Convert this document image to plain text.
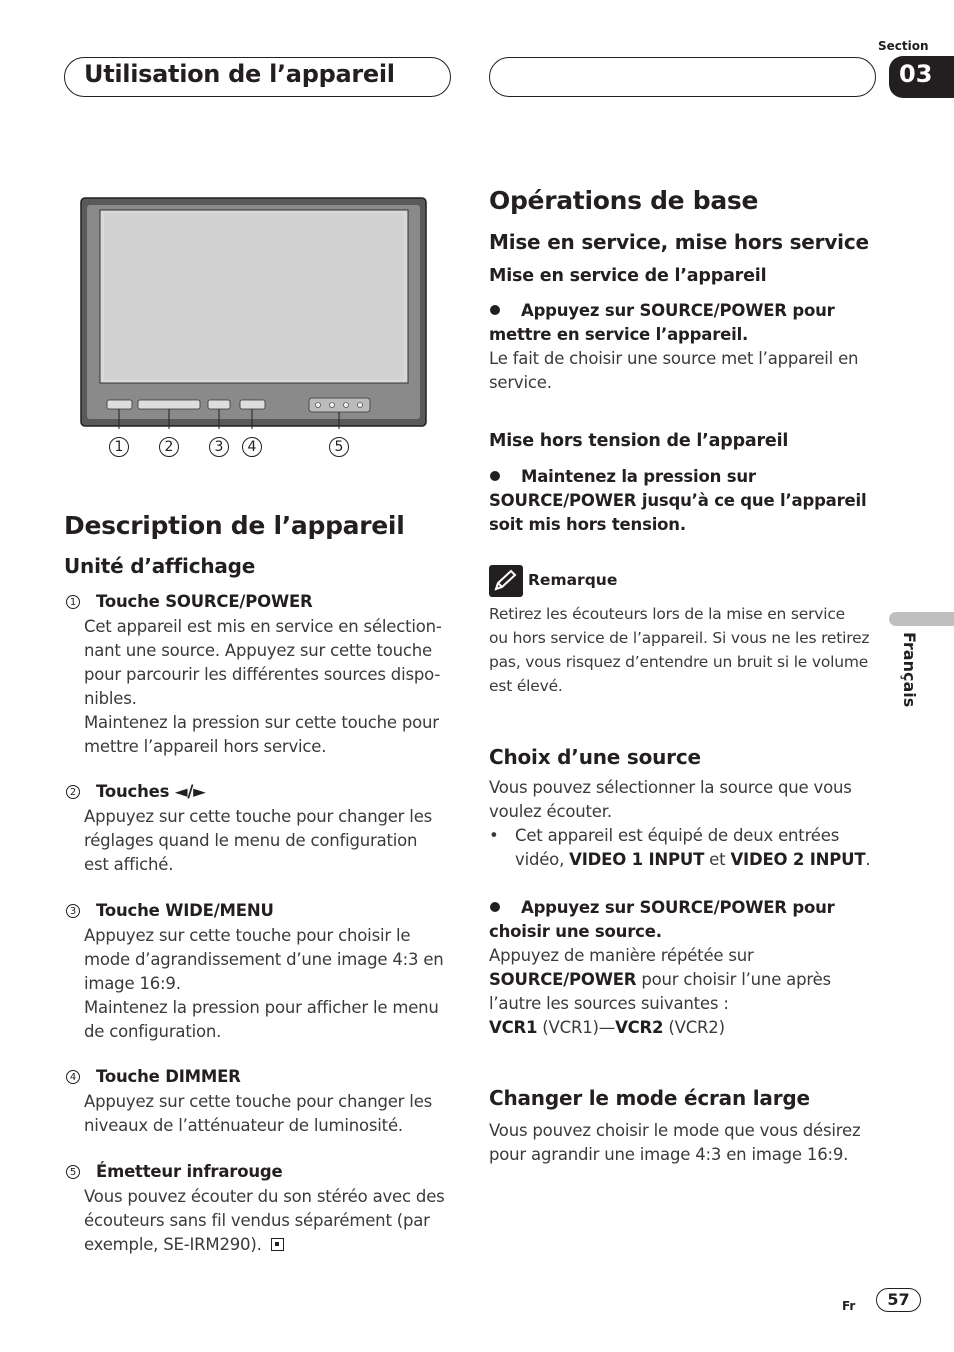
Utilisation de l’appareil
Section
03
1	2	3	4	5
Description de l’appareil
Unité d’affichage
1 Touche SOURCE/POWER
Cet appareil est mis en service en sélection-
nant une source. Appuyez sur cette touche
pour parcourir les différentes sources dispo-
nibles.
Maintenez la pression sur cette touche pour
mettre l’appareil hors service.
2 Touches ◄/►
Appuyez sur cette touche pour changer les
réglages quand le menu de configuration
est affiché.
3 Touche WIDE/MENU
Appuyez sur cette touche pour choisir le
mode d’agrandissement d’une image 4:3 en
image 16:9.
Maintenez la pression pour afficher le menu
de configuration.
4 Touche DIMMER
Appuyez sur cette touche pour changer les
niveaux de l’atténuateur de luminosité.
5 Émetteur infrarouge
Vous pouvez écouter du son stéréo avec des
écouteurs sans fil vendus séparément (par
exemple, SE-IRM290).
Opérations de base
Mise en service, mise hors service
Mise en service de l’appareil
Appuyez sur SOURCE/POWER pour
mettre en service l’appareil.
Le fait de choisir une source met l’appareil en
service.
Mise hors tension de l’appareil
Maintenez la pression sur
SOURCE/POWER jusqu’à ce que l’appareil
soit mis hors tension.
Remarque
Retirez les écouteurs lors de la mise en service
ou hors service de l’appareil. Si vous ne les retirez
pas, vous risquez d’entendre un bruit si le volume
est élevé.
Choix d’une source
Vous pouvez sélectionner la source que vous
voulez écouter.
• Cet appareil est équipé de deux entrées
vidéo, VIDEO 1 INPUT et VIDEO 2 INPUT.
Appuyez sur SOURCE/POWER pour
choisir une source.
Appuyez de manière répétée sur
SOURCE/POWER pour choisir l’une après
l’autre les sources suivantes :
VCR1 (VCR1)—VCR2 (VCR2)
Changer le mode écran large
Vous pouvez choisir le mode que vous désirez
pour agrandir une image 4:3 en image 16:9.
Français
Fr	57
